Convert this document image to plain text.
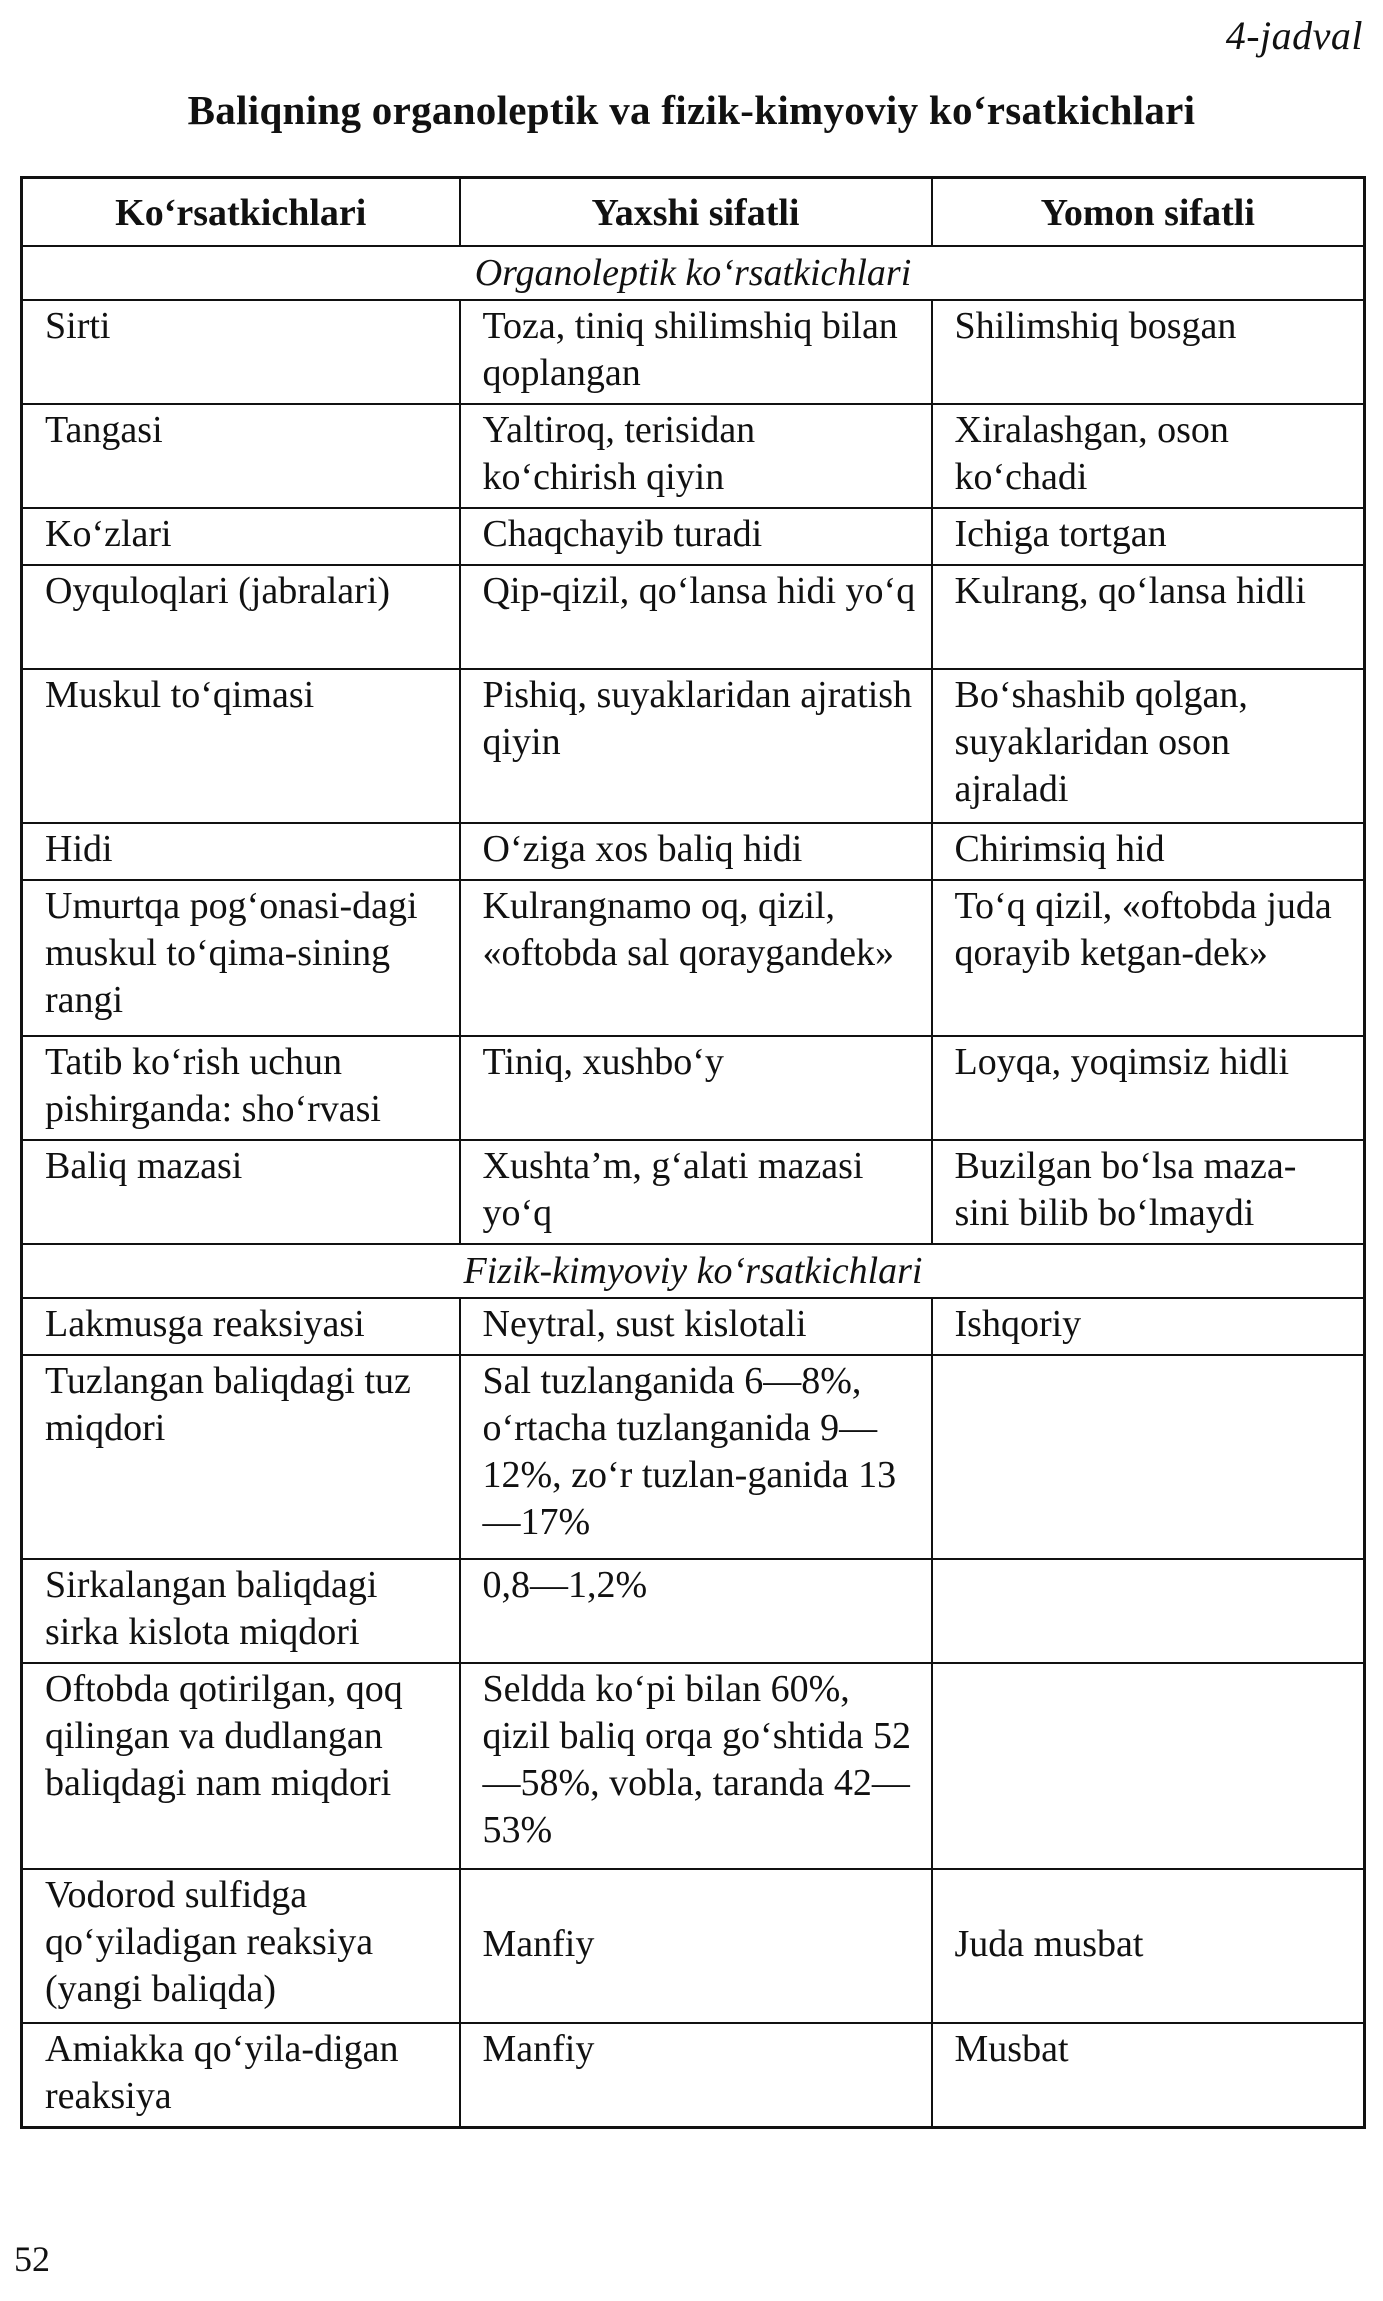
4-jadval
Baliqning organoleptik va fizik-kimyoviy ko‘rsatkichlari
Ko‘rsatkichlari	Yaxshi sifatli	Yomon sifatli
Organoleptik ko‘rsatkichlari		
Sirti	Toza, tiniq shilimshiq bilan qoplangan	Shilimshiq bosgan
Tangasi	Yaltiroq, terisidan ko‘chirish qiyin	Xiralashgan, oson ko‘chadi
Ko‘zlari	Chaqchayib turadi	Ichiga tortgan
Oyquloqlari (jabralari)	Qip-qizil, qo‘lansa hidi yo‘q	Kulrang, qo‘lansa hidli
Muskul to‘qimasi	Pishiq, suyaklaridan ajratish qiyin	Bo‘shashib qolgan, suyaklaridan oson ajraladi
Hidi	O‘ziga xos baliq hidi	Chirimsiq hid
Umurtqa pog‘onasi-dagi muskul to‘qima-sining rangi	Kulrangnamo oq, qizil, «oftobda sal qoraygandek»	To‘q qizil, «oftobda juda qorayib ketgan-dek»
Tatib ko‘rish uchun pishirganda: sho‘rvasi	Tiniq, xushbo‘y	Loyqa, yoqimsiz hidli
Baliq mazasi	Xushta’m, g‘alati mazasi yo‘q	Buzilgan bo‘lsa maza-sini bilib bo‘lmaydi
Fizik-kimyoviy ko‘rsatkichlari		
Lakmusga reaksiyasi	Neytral, sust kislotali	Ishqoriy
Tuzlangan baliqdagi tuz miqdori	Sal tuzlanganida 6—8%, o‘rtacha tuzlanganida 9—12%, zo‘r tuzlan-ganida 13—17%	
Sirkalangan baliqdagi sirka kislota miqdori	0,8—1,2%	
Oftobda qotirilgan, qoq qilingan va dudlangan baliqdagi nam miqdori	Seldda ko‘pi bilan 60%, qizil baliq orqa go‘shtida 52—58%, vobla, taranda 42—53%	
Vodorod sulfidga qo‘yiladigan reaksiya (yangi baliqda)	Manfiy	Juda musbat
Amiakka qo‘yila-digan reaksiya	Manfiy	Musbat
52
